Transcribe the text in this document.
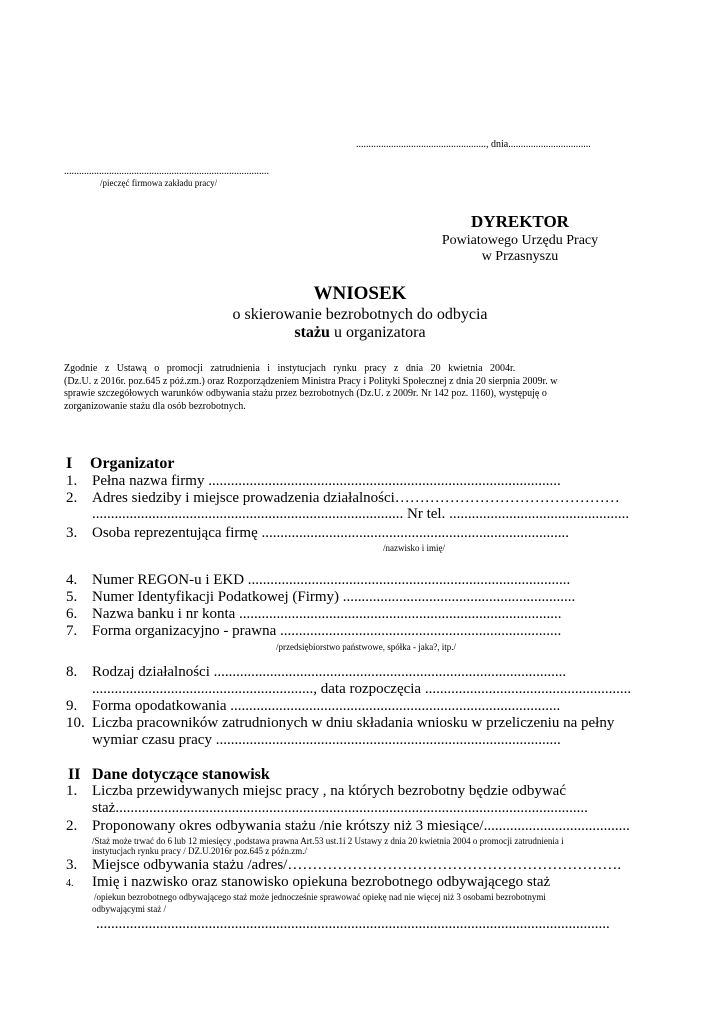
...................................................., dnia.................................
..................................................................................
/pieczęć firmowa zakładu pracy/
DYREKTOR
Powiatowego Urzędu Pracy
w Przasnyszu
WNIOSEK
o skierowanie bezrobotnych do odbycia
stażu u organizatora
Zgodnie   z   Ustawą   o   promocji   zatrudnienia   i   instytucjach   rynku   pracy   z   dnia   20   kwietnia   2004r.
(Dz.U. z 2016r. poz.645 z póź.zm.) oraz Rozporządzeniem Ministra Pracy i Polityki Społecznej z dnia 20 sierpnia 2009r. w
sprawie szczegółowych warunków odbywania stażu przez bezrobotnych (Dz.U. z 2009r. Nr 142 poz. 1160), występuję o
zorganizowanie stażu dla osób bezrobotnych.
I Organizator
1. Pełna nazwa firmy ..............................................................................................
2. Adres siedziby i miejsce prowadzenia działalności………………………………………
................................................................................... Nr tel. ................................................
3. Osoba reprezentująca firmę ..................................................................................
/nazwisko i imię/
4. Numer REGON-u i EKD ......................................................................................
5. Numer Identyfikacji Podatkowej (Firmy) ..............................................................
6. Nazwa banku i nr konta ......................................................................................
7. Forma organizacyjno - prawna ...........................................................................
/przedsiębiorstwo państwowe, spółka - jaka?, itp./
8. Rodzaj działalności ..............................................................................................
..........................................................., data rozpoczęcia .......................................................
9. Forma opodatkowania ........................................................................................
10. Liczba pracowników zatrudnionych w dniu składania wniosku w przeliczeniu na pełny
wymiar czasu pracy ............................................................................................
II Dane dotyczące stanowisk
1. Liczba przewidywanych miejsc pracy , na których bezrobotny będzie odbywać
staż..............................................................................................................................
2. Proponowany okres odbywania stażu /nie krótszy niż 3 miesiące/.......................................
/Staż może trwać do 6 lub 12 miesięcy ,podstawa prawna Art.53 ust.1i 2 Ustawy z dnia 20 kwietnia 2004 o promocji zatrudnienia i
instytucjach rynku pracy / DZ.U.2016r poz.645 z późn.zm./
3. Miejsce odbywania stażu /adres/………………………………………………………….
4. Imię i nazwisko oraz stanowisko opiekuna bezrobotnego odbywającego staż
/opiekun bezrobotnego odbywającego staż może jednocześnie sprawować opiekę nad nie więcej niż 3 osobami bezrobotnymi
odbywającymi staż /
.........................................................................................................................................
